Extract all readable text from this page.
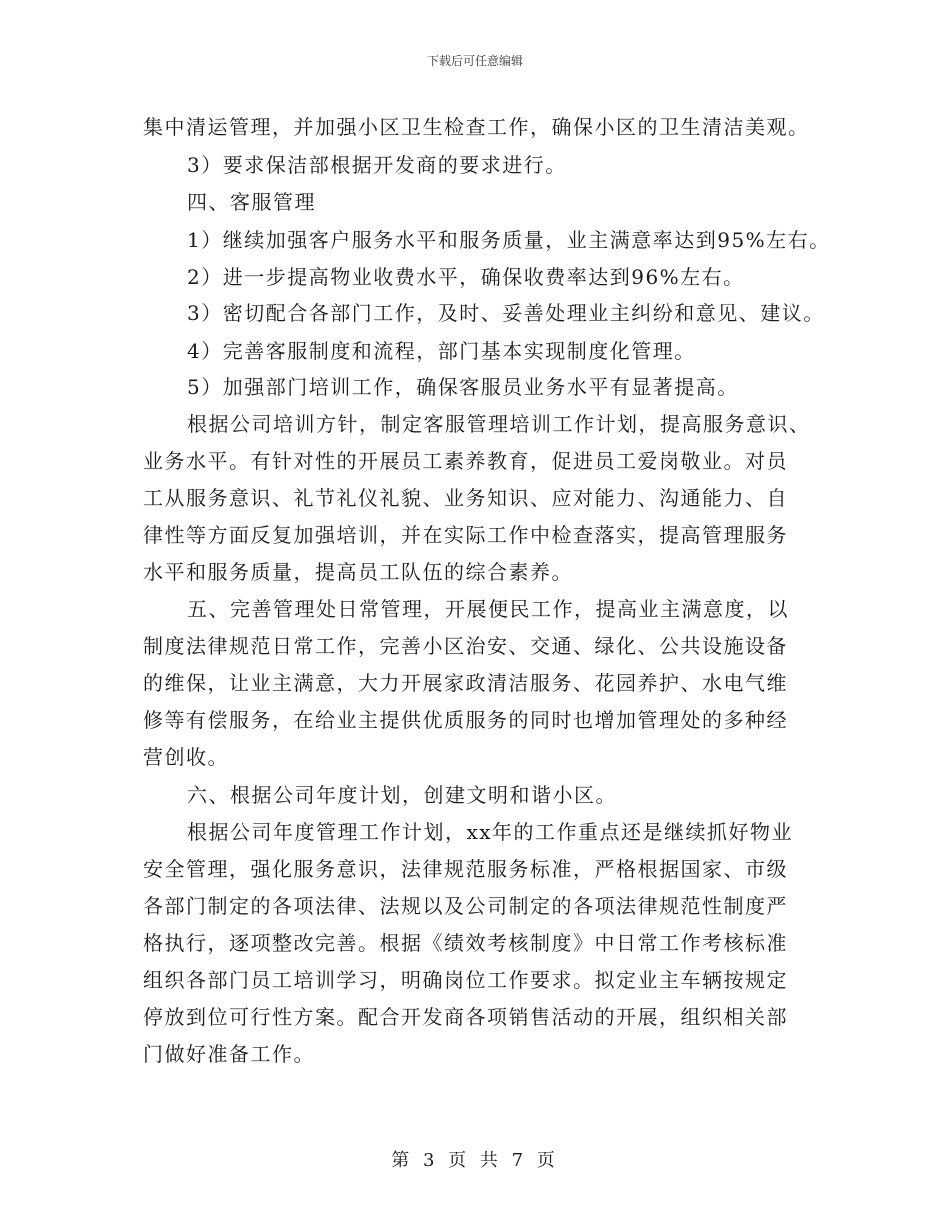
下载后可任意编辑
集中清运管理，并加强小区卫生检查工作，确保小区的卫生清洁美观。
3）要求保洁部根据开发商的要求进行。
四、客服管理
1）继续加强客户服务水平和服务质量，业主满意率达到95%左右。
2）进一步提高物业收费水平，确保收费率达到96%左右。
3）密切配合各部门工作，及时、妥善处理业主纠纷和意见、建议。
4）完善客服制度和流程，部门基本实现制度化管理。
5）加强部门培训工作，确保客服员业务水平有显著提高。
根据公司培训方针，制定客服管理培训工作计划，提高服务意识、
业务水平。有针对性的开展员工素养教育，促进员工爱岗敬业。对员
工从服务意识、礼节礼仪礼貌、业务知识、应对能力、沟通能力、自
律性等方面反复加强培训，并在实际工作中检查落实，提高管理服务
水平和服务质量，提高员工队伍的综合素养。
五、完善管理处日常管理，开展便民工作，提高业主满意度，以
制度法律规范日常工作，完善小区治安、交通、绿化、公共设施设备
的维保，让业主满意，大力开展家政清洁服务、花园养护、水电气维
修等有偿服务，在给业主提供优质服务的同时也增加管理处的多种经
营创收。
六、根据公司年度计划，创建文明和谐小区。
根据公司年度管理工作计划，xx年的工作重点还是继续抓好物业
安全管理，强化服务意识，法律规范服务标准，严格根据国家、市级
各部门制定的各项法律、法规以及公司制定的各项法律规范性制度严
格执行，逐项整改完善。根据《绩效考核制度》中日常工作考核标准
组织各部门员工培训学习，明确岗位工作要求。拟定业主车辆按规定
停放到位可行性方案。配合开发商各项销售活动的开展，组织相关部
门做好准备工作。
第 3 页 共 7 页
